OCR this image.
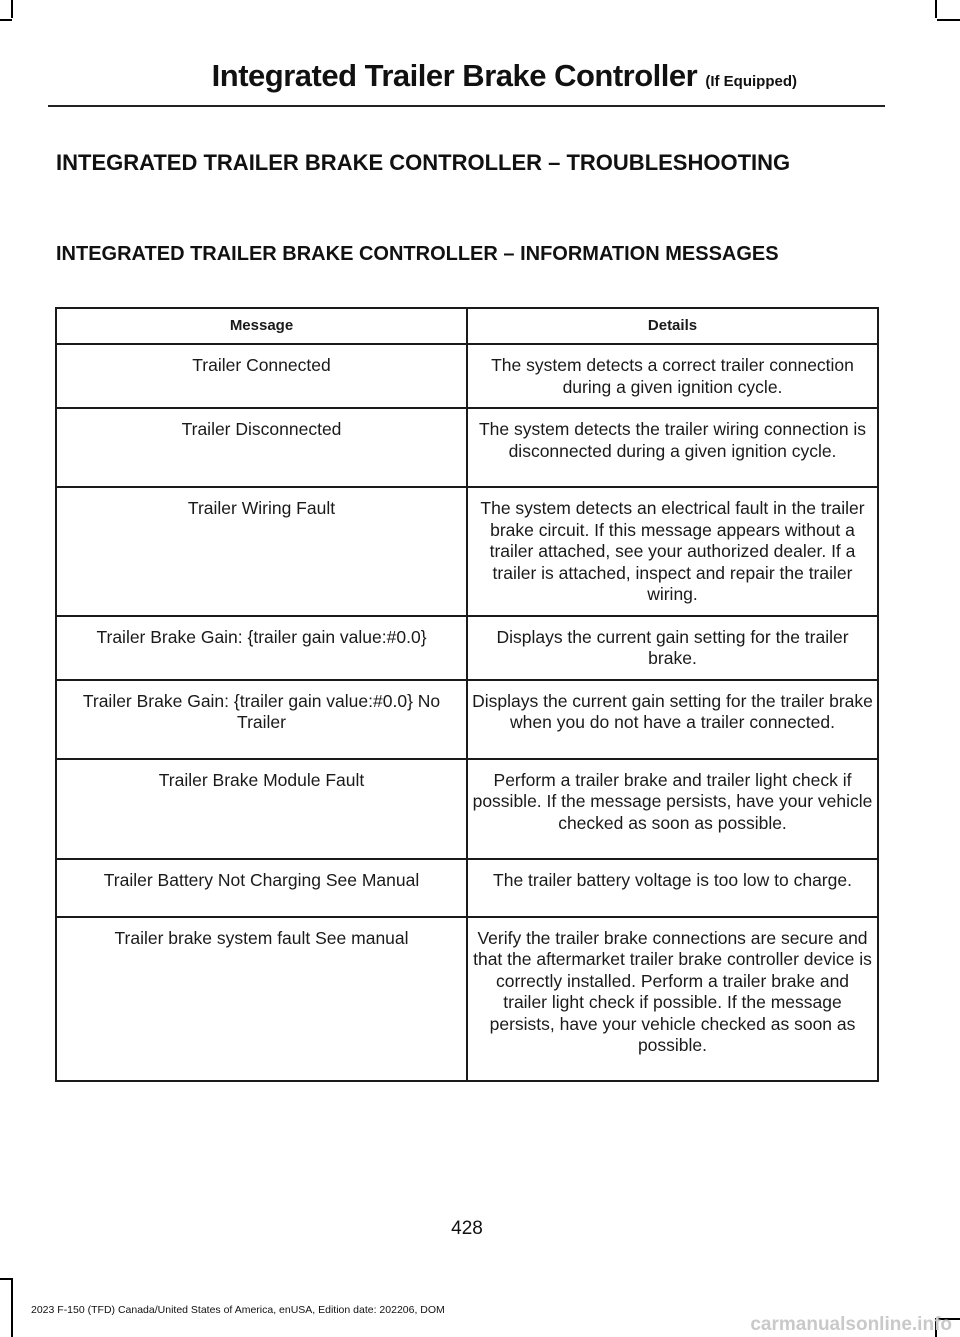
Integrated Trailer Brake Controller (If Equipped)
INTEGRATED TRAILER BRAKE CONTROLLER – TROUBLESHOOTING
INTEGRATED TRAILER BRAKE CONTROLLER – INFORMATION MESSAGES
Message	Details
Trailer Connected	The system detects a correct trailer connection during a given ignition cycle.
Trailer Disconnected	The system detects the trailer wiring connection is disconnected during a given ignition cycle.
Trailer Wiring Fault	The system detects an electrical fault in the trailer brake circuit. If this message appears without a trailer attached, see your authorized dealer. If a trailer is attached, inspect and repair the trailer wiring.
Trailer Brake Gain: {trailer gain value:#0.0}	Displays the current gain setting for the trailer brake.
Trailer Brake Gain: {trailer gain value:#0.0} No Trailer	Displays the current gain setting for the trailer brake when you do not have a trailer connected.
Trailer Brake Module Fault	Perform a trailer brake and trailer light check if possible. If the message persists, have your vehicle checked as soon as possible.
Trailer Battery Not Charging See Manual	The trailer battery voltage is too low to charge.
Trailer brake system fault See manual	Verify the trailer brake connections are secure and that the aftermarket trailer brake controller device is correctly installed. Perform a trailer brake and trailer light check if possible. If the message persists, have your vehicle checked as soon as possible.
428
2023 F-150 (TFD) Canada/United States of America, enUSA, Edition date: 202206, DOM
carmanualsonline.info
